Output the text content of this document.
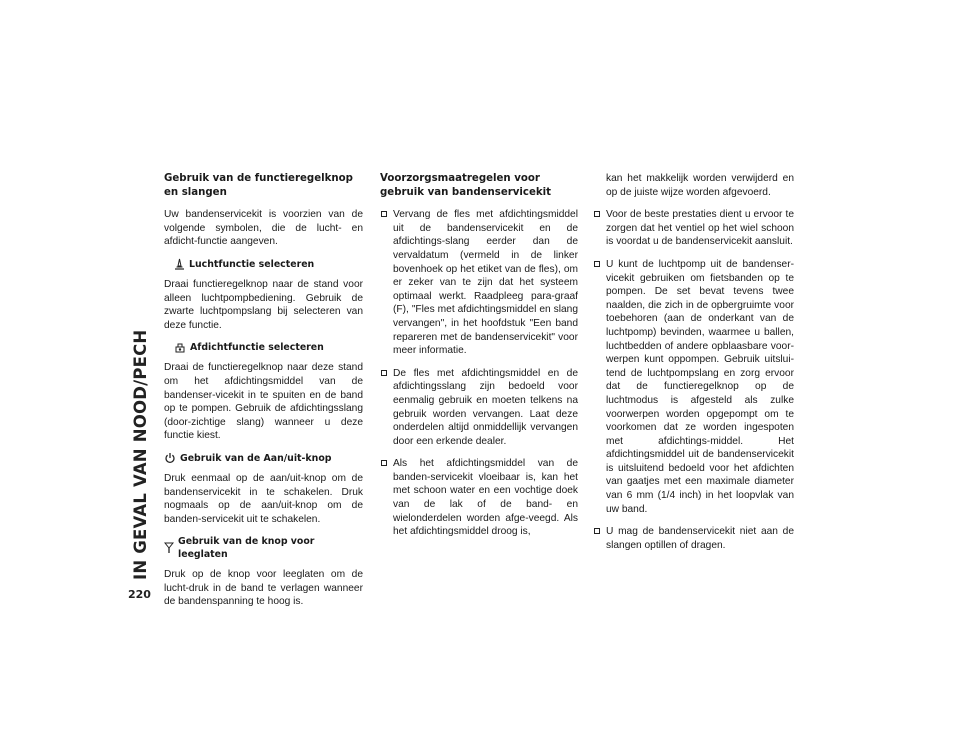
IN GEVAL VAN NOOD/PECH
220
Gebruik van de functieregelknop en slangen

Uw bandenservicekit is voorzien van de volgende symbolen, die de lucht- en afdicht-functie aangeven.

Luchtfunctie selecteren

Draai functieregelknop naar de stand voor alleen luchtpompbediening. Gebruik de zwarte luchtpompslang bij selecteren van deze functie.

Afdichtfunctie selecteren

Draai de functieregelknop naar deze stand om het afdichtingsmiddel van de bandenser-vicekit in te spuiten en de band op te pompen. Gebruik de afdichtingsslang (door-zichtige slang) wanneer u deze functie kiest.

Gebruik van de Aan/uit-knop

Druk eenmaal op de aan/uit-knop om de bandenservicekit in te schakelen. Druk nogmaals op de aan/uit-knop om de banden-servicekit uit te schakelen.

Gebruik van de knop voor leeglaten

Druk op de knop voor leeglaten om de lucht-druk in de band te verlagen wanneer de bandenspanning te hoog is.

Voorzorgsmaatregelen voor gebruik van bandenservicekit
Vervang de fles met afdichtingsmiddel uit de bandenservicekit en de afdichtings-slang eerder dan de vervaldatum (vermeld in de linker bovenhoek op het etiket van de fles), om er zeker van te zijn dat het systeem optimaal werkt. Raadpleeg para-graaf (F), "Fles met afdichtingsmiddel en slang vervangen", in het hoofdstuk "Een band repareren met de bandenservicekit" voor meer informatie.
De fles met afdichtingsmiddel en de afdichtingsslang zijn bedoeld voor eenmalig gebruik en moeten telkens na gebruik worden vervangen. Laat deze onderdelen altijd onmiddellijk vervangen door een erkende dealer.
Als het afdichtingsmiddel van de banden-servicekit vloeibaar is, kan het met schoon water en een vochtige doek van de lak of de band- en wielonderdelen worden afge-veegd. Als het afdichtingsmiddel droog is,
kan het makkelijk worden verwijderd en op de juiste wijze worden afgevoerd.
Voor de beste prestaties dient u ervoor te zorgen dat het ventiel op het wiel schoon is voordat u de bandenservicekit aansluit.
U kunt de luchtpomp uit de bandenser-vicekit gebruiken om fietsbanden op te pompen. De set bevat tevens twee naalden, die zich in de opbergruimte voor toebehoren (aan de onderkant van de luchtpomp) bevinden, waarmee u ballen, luchtbedden of andere opblaasbare voor-werpen kunt oppompen. Gebruik uitslui-tend de luchtpompslang en zorg ervoor dat de functieregelknop op de luchtmodus is afgesteld als zulke voorwerpen worden opgepompt om te voorkomen dat ze worden ingespoten met afdichtings-middel. Het afdichtingsmiddel uit de bandenservicekit is uitsluitend bedoeld voor het afdichten van gaatjes met een maximale diameter van 6 mm (1/4 inch) in het loopvlak van uw band.
U mag de bandenservicekit niet aan de slangen optillen of dragen.
